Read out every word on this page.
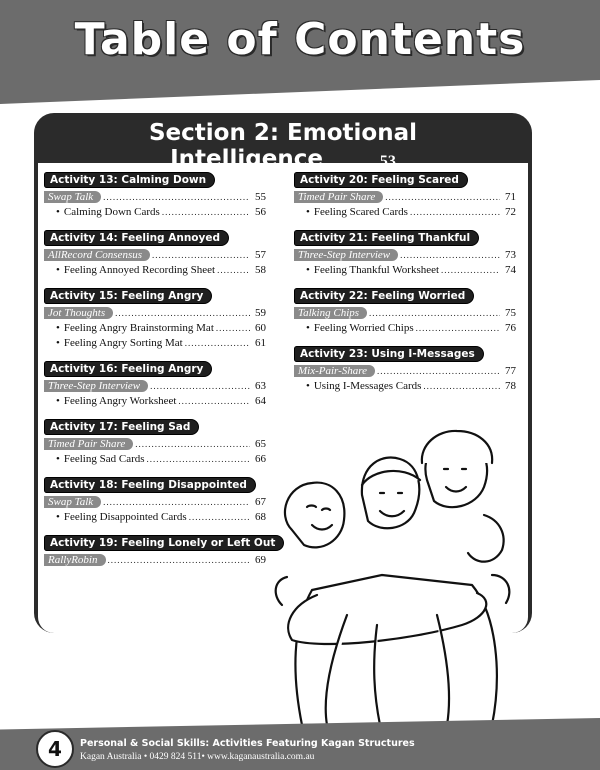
Table of Contents
Section 2: Emotional Intelligence.........53
Activity 13: Calming Down
Swap Talk .....	55
• Calming Down Cards .....	56
Activity 14: Feeling Annoyed
AllRecord Consensus .....	57
• Feeling Annoyed Recording Sheet .....	58
Activity 15: Feeling Angry
Jot Thoughts .....	59
• Feeling Angry Brainstorming Mat .....	60
• Feeling Angry Sorting Mat .....	61
Activity 16: Feeling Angry
Three-Step Interview .....	63
• Feeling Angry Worksheet .....	64
Activity 17: Feeling Sad
Timed Pair Share .....	65
• Feeling Sad Cards .....	66
Activity 18: Feeling Disappointed
Swap Talk .....	67
• Feeling Disappointed Cards .....	68
Activity 19: Feeling Lonely or Left Out
RallyRobin .....	69
Activity 20: Feeling Scared
Timed Pair Share .....	71
• Feeling Scared Cards .....	72
Activity 21: Feeling Thankful
Three-Step Interview .....	73
• Feeling Thankful Worksheet .....	74
Activity 22: Feeling Worried
Talking Chips .....	75
• Feeling Worried Chips .....	76
Activity 23: Using I-Messages
Mix-Pair-Share .....	77
• Using I-Messages Cards .....	78
4	Personal & Social Skills: Activities Featuring Kagan Structures
Kagan Australia • 0429 824 511• www.kaganaustralia.com.au
